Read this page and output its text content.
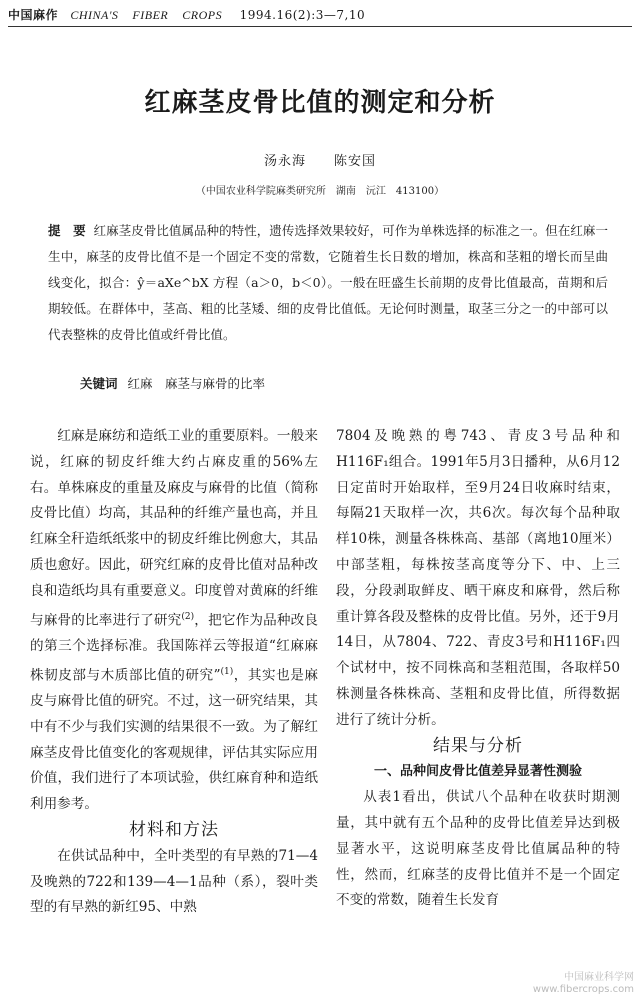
中国麻作 CHINA'S FIBER CROPS 1994.16(2):3—7,10
红麻茎皮骨比值的测定和分析
汤永海　　陈安国
（中国农业科学院麻类研究所　湖南　沅江　413100）
提　要 红麻茎皮骨比值属品种的特性，遗传选择效果较好，可作为单株选择的标准之一。但在红麻一生中，麻茎的皮骨比值不是一个固定不变的常数，它随着生长日数的增加，株高和茎粗的增长而呈曲线变化，拟合：ŷ＝aXe^bX 方程（a＞0，b＜0）。一般在旺盛生长前期的皮骨比值最高，苗期和后期较低。在群体中，茎高、粗的比茎矮、细的皮骨比值低。无论何时测量，取茎三分之一的中部可以代表整株的皮骨比值或纤骨比值。
关键词 红麻　麻茎与麻骨的比率

红麻是麻纺和造纸工业的重要原料。一般来说，红麻的韧皮纤维大约占麻皮重的56%左右。单株麻皮的重量及麻皮与麻骨的比值（简称皮骨比值）均高，其品种的纤维产量也高，并且红麻全秆造纸纸浆中的韧皮纤维比例愈大，其品质也愈好。因此，研究红麻的皮骨比值对品种改良和造纸均具有重要意义。印度曾对黄麻的纤维与麻骨的比率进行了研究$^{(2)}$，把它作为品种改良的第三个选择标准。我国陈祥云等报道“红麻麻株韧皮部与木质部比值的研究”$^{(1)}$，其实也是麻皮与麻骨比值的研究。不过，这一研究结果，其中有不少与我们实测的结果很不一致。为了解红麻茎皮骨比值变化的客观规律，评估其实际应用价值，我们进行了本项试验，供红麻育种和造纸利用参考。

材料和方法

在供试品种中，全叶类型的有早熟的71—4及晚熟的722和139—4—1品种（系），裂叶类型的有早熟的新红95、中熟

7804及晚熟的粤743、青皮3号品种和H116F₁组合。1991年5月3日播种，从6月12日定苗时开始取样，至9月24日收麻时结束，每隔21天取样一次，共6次。每次每个品种取样10株，测量各株株高、基部（离地10厘米）中部茎粗，每株按茎高度等分下、中、上三段，分段剥取鲜皮、晒干麻皮和麻骨，然后称重计算各段及整株的皮骨比值。另外，还于9月14日，从7804、722、青皮3号和H116F₁四个试材中，按不同株高和茎粗范围，各取样50株测量各株株高、茎粗和皮骨比值，所得数据进行了统计分析。

结果与分析

一、品种间皮骨比值差异显著性测验

从表1看出，供试八个品种在收获时期测量，其中就有五个品种的皮骨比值差异达到极显著水平，这说明麻茎皮骨比值属品种的特性，然而，红麻茎的皮骨比值并不是一个固定不变的常数，随着生长发育

中国麻业科学网
www.fibercrops.com
